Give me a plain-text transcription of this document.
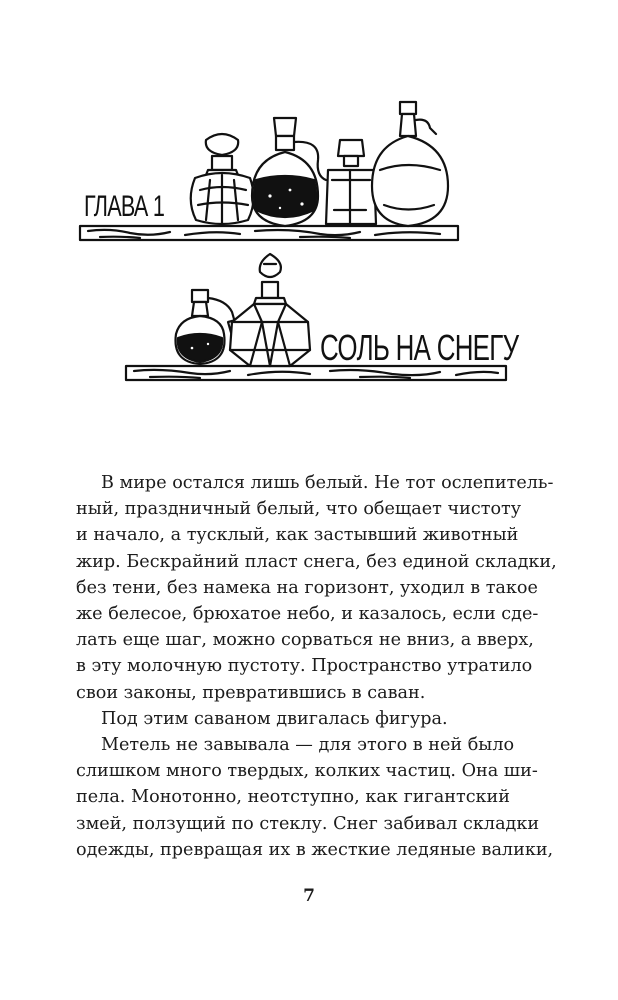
ГЛАВА 1
СОЛЬ НА СНЕГУ
В мире остался лишь белый. Не тот ослепитель-
ный, праздничный белый, что обещает чистоту
и начало, а тусклый, как застывший животный
жир. Бескрайний пласт снега, без единой складки,
без тени, без намека на горизонт, уходил в такое
же белесое, брюхатое небо, и казалось, если сде-
лать еще шаг, можно сорваться не вниз, а вверх,
в эту молочную пустоту. Пространство утратило
свои законы, превратившись в саван.
Под этим саваном двигалась фигура.
Метель не завывала — для этого в ней было
слишком много твердых, колких частиц. Она ши-
пела. Монотонно, неотступно, как гигантский
змей, ползущий по стеклу. Снег забивал складки
одежды, превращая их в жесткие ледяные валики,
7
